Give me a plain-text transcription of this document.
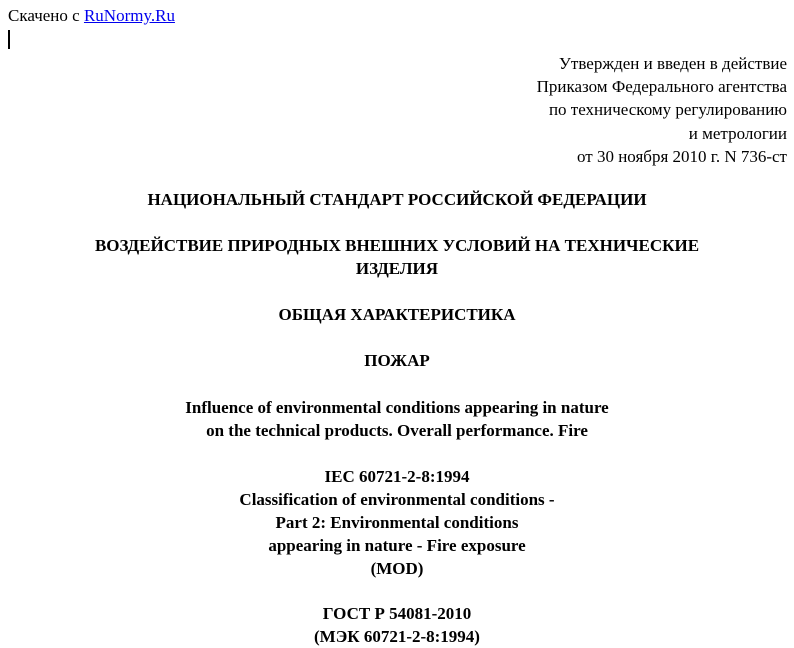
Скачено с RuNormy.Ru
Утвержден и введен в действие
Приказом Федерального агентства
по техническому регулированию
и метрологии
от 30 ноября 2010 г. N 736-ст
НАЦИОНАЛЬНЫЙ СТАНДАРТ РОССИЙСКОЙ ФЕДЕРАЦИИ
ВОЗДЕЙСТВИЕ ПРИРОДНЫХ ВНЕШНИХ УСЛОВИЙ НА ТЕХНИЧЕСКИЕ
ИЗДЕЛИЯ
ОБЩАЯ ХАРАКТЕРИСТИКА
ПОЖАР
Influence of environmental conditions appearing in nature
on the technical products. Overall performance. Fire
IEC 60721-2-8:1994
Classification of environmental conditions -
Part 2: Environmental conditions
appearing in nature - Fire exposure
(MOD)
ГОСТ Р 54081-2010
(МЭК 60721-2-8:1994)
